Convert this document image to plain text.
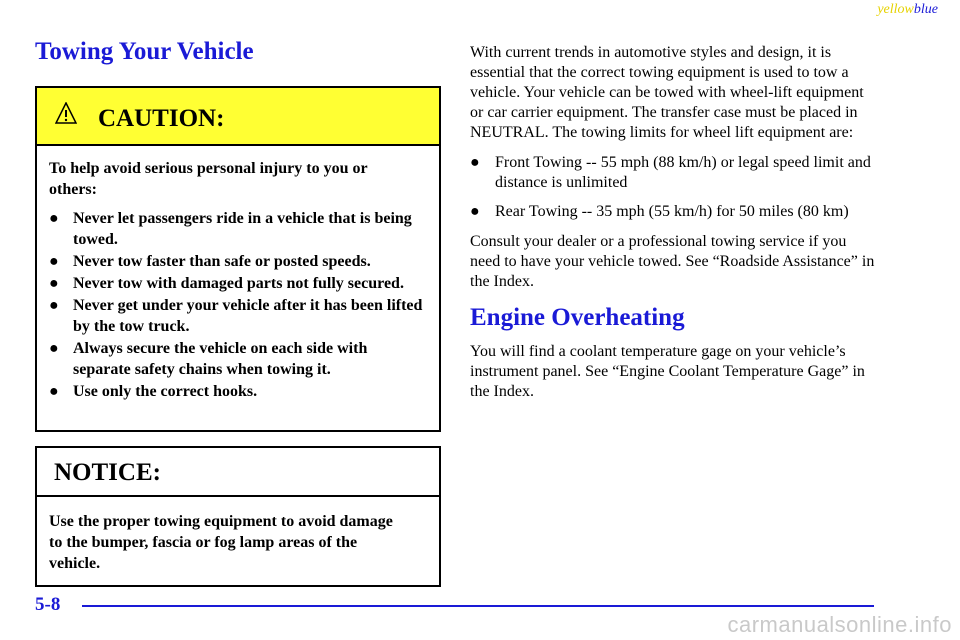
yellowblue
Towing Your Vehicle
CAUTION:

To help avoid serious personal injury to you or others:

● Never let passengers ride in a vehicle that is being towed.
● Never tow faster than safe or posted speeds.
● Never tow with damaged parts not fully secured.
● Never get under your vehicle after it has been lifted by the tow truck.
● Always secure the vehicle on each side with separate safety chains when towing it.
● Use only the correct hooks.
NOTICE:
Use the proper towing equipment to avoid damage to the bumper, fascia or fog lamp areas of the vehicle.

With current trends in automotive styles and design, it is essential that the correct towing equipment is used to tow a vehicle. Your vehicle can be towed with wheel-lift equipment or car carrier equipment. The transfer case must be placed in NEUTRAL. The towing limits for wheel lift equipment are:

● Front Towing -- 55 mph (88 km/h) or legal speed limit and distance is unlimited
● Rear Towing -- 35 mph (55 km/h) for 50 miles (80 km)

Consult your dealer or a professional towing service if you need to have your vehicle towed. See “Roadside Assistance” in the Index.

Engine Overheating

You will find a coolant temperature gage on your vehicle’s instrument panel. See “Engine Coolant Temperature Gage” in the Index.

5-8
carmanualsonline.info
